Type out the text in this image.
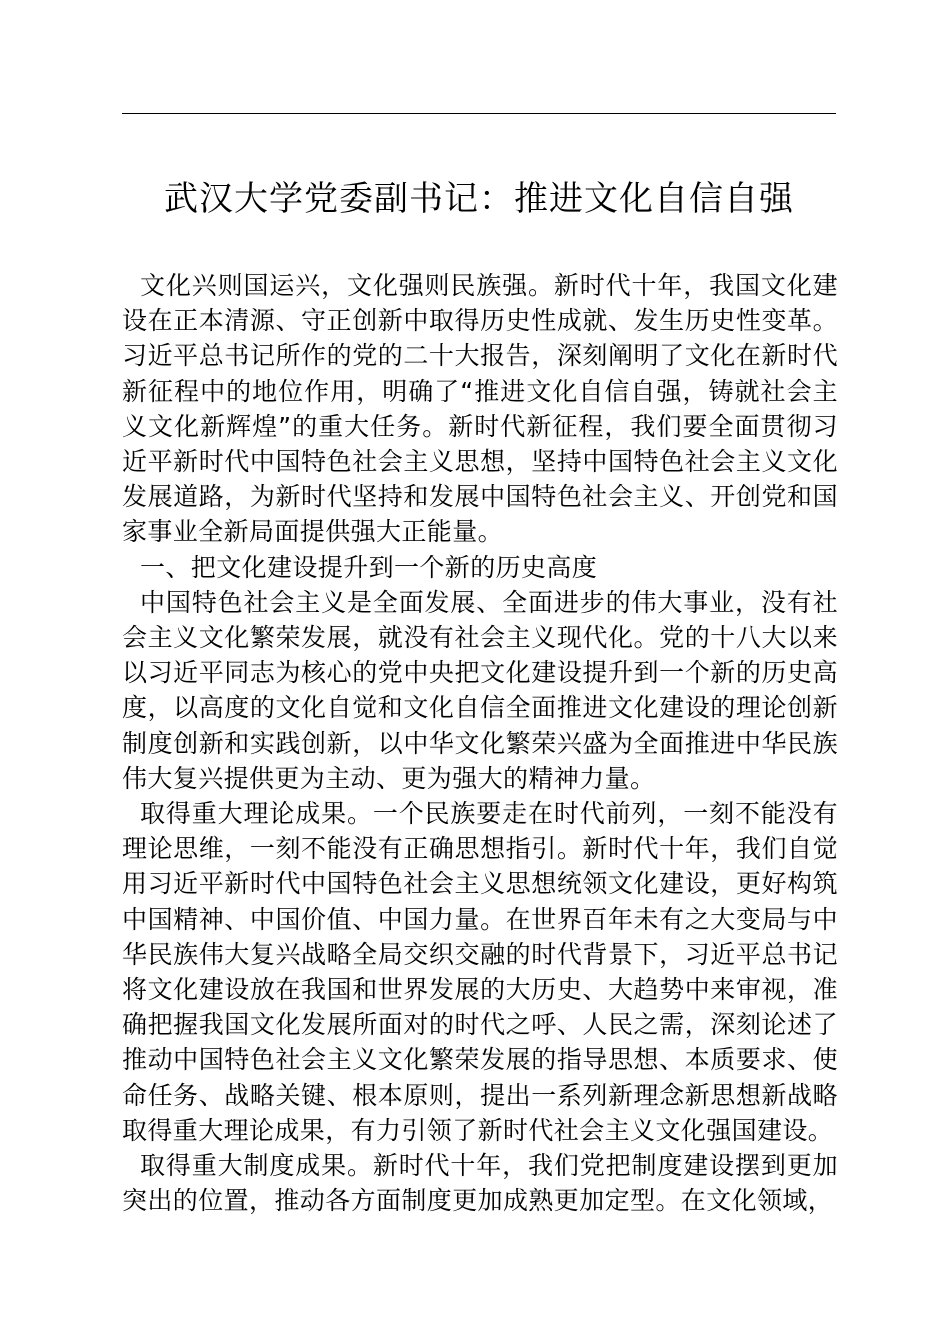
武汉大学党委副书记：推进文化自信自强

文化兴则国运兴，文化强则民族强。新时代十年，我国文化建设在正本清源、守正创新中取得历史性成就、发生历史性变革。习近平总书记所作的党的二十大报告，深刻阐明了文化在新时代新征程中的地位作用，明确了“推进文化自信自强，铸就社会主义文化新辉煌”的重大任务。新时代新征程，我们要全面贯彻习近平新时代中国特色社会主义思想，坚持中国特色社会主义文化发展道路，为新时代坚持和发展中国特色社会主义、开创党和国家事业全新局面提供强大正能量。

一、把文化建设提升到一个新的历史高度

中国特色社会主义是全面发展、全面进步的伟大事业，没有社会主义文化繁荣发展，就没有社会主义现代化。党的十八大以来以习近平同志为核心的党中央把文化建设提升到一个新的历史高度，以高度的文化自觉和文化自信全面推进文化建设的理论创新制度创新和实践创新，以中华文化繁荣兴盛为全面推进中华民族伟大复兴提供更为主动、更为强大的精神力量。

取得重大理论成果。一个民族要走在时代前列，一刻不能没有理论思维，一刻不能没有正确思想指引。新时代十年，我们自觉用习近平新时代中国特色社会主义思想统领文化建设，更好构筑中国精神、中国价值、中国力量。在世界百年未有之大变局与中华民族伟大复兴战略全局交织交融的时代背景下，习近平总书记将文化建设放在我国和世界发展的大历史、大趋势中来审视，准确把握我国文化发展所面对的时代之呼、人民之需，深刻论述了推动中国特色社会主义文化繁荣发展的指导思想、本质要求、使命任务、战略关键、根本原则，提出一系列新理念新思想新战略取得重大理论成果，有力引领了新时代社会主义文化强国建设。

取得重大制度成果。新时代十年，我们党把制度建设摆到更加突出的位置，推动各方面制度更加成熟更加定型。在文化领域，
